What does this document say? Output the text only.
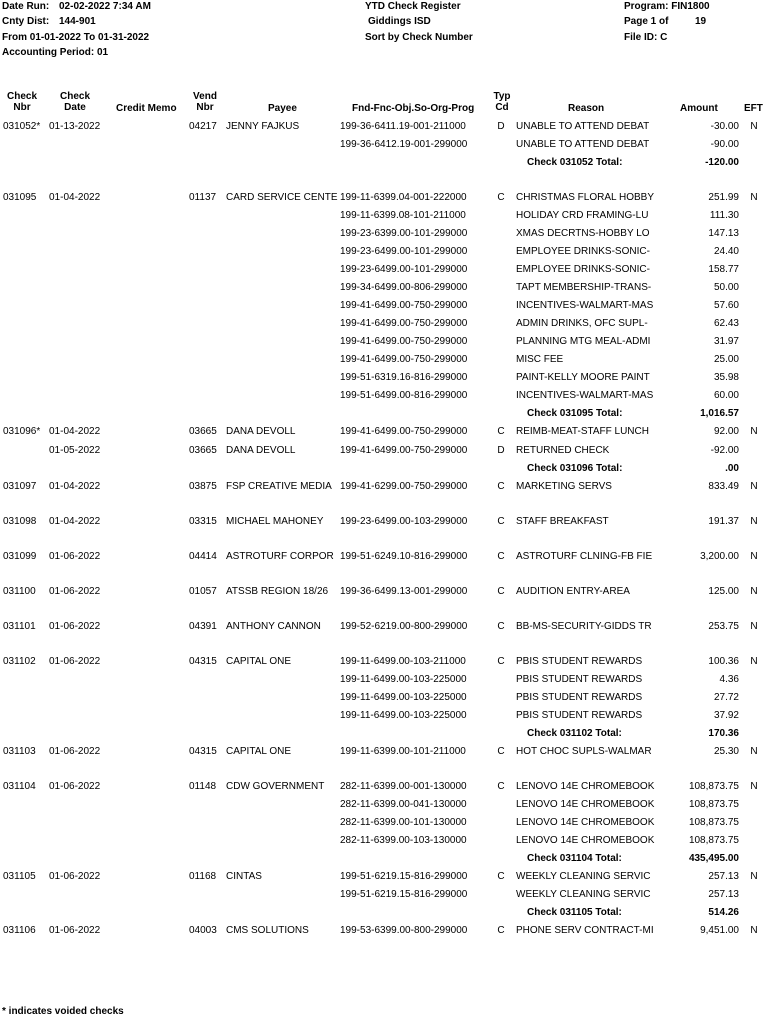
Date Run: 02-02-2022 7:34 AM
Cnty Dist: 144-901
From 01-01-2022 To 01-31-2022
Accounting Period: 01
YTD Check Register
Giddings ISD
Sort by Check Number
Program: FIN1800
Page 1 of	19
File ID: C
Check
Nbr
Check
Date	Credit Memo
Vend
Nbr	Payee	Fnd-Fnc-Obj.So-Org-Prog
Typ
Cd	Reason	Amount	EFT
031052* 01-13-2022	04217 JENNY FAJKUS	199-36-6411.19-001-211000	D	UNABLE TO ATTEND DEBAT	-30.00 N
199-36-6412.19-001-299000	UNABLE TO ATTEND DEBAT	-90.00
Check 031052 Total:	-120.00
031095	01-04-2022	01137 CARD SERVICE CENTE 199-11-6399.04-001-222000	C	CHRISTMAS FLORAL HOBBY	251.99 N
199-11-6399.08-101-211000	HOLIDAY CRD FRAMING-LU	111.30
199-23-6399.00-101-299000	XMAS DECRTNS-HOBBY LO	147.13
199-23-6499.00-101-299000	EMPLOYEE DRINKS-SONIC-	24.40
199-23-6499.00-101-299000	EMPLOYEE DRINKS-SONIC-	158.77
199-34-6499.00-806-299000	TAPT MEMBERSHIP-TRANS-	50.00
199-41-6499.00-750-299000	INCENTIVES-WALMART-MAS	57.60
199-41-6499.00-750-299000	ADMIN DRINKS, OFC SUPL-	62.43
199-41-6499.00-750-299000	PLANNING MTG MEAL-ADMI	31.97
199-41-6499.00-750-299000	MISC FEE	25.00
199-51-6319.16-816-299000	PAINT-KELLY MOORE PAINT	35.98
199-51-6499.00-816-299000	INCENTIVES-WALMART-MAS	60.00
Check 031095 Total:	1,016.57
031096* 01-04-2022	03665 DANA DEVOLL	199-41-6499.00-750-299000	C	REIMB-MEAT-STAFF LUNCH	92.00 N
01-05-2022	03665 DANA DEVOLL	199-41-6499.00-750-299000	D	RETURNED CHECK	-92.00
Check 031096 Total:	.00
031097	01-04-2022	03875 FSP CREATIVE MEDIA 199-41-6299.00-750-299000	C	MARKETING SERVS	833.49 N
031098	01-04-2022	03315 MICHAEL MAHONEY	199-23-6499.00-103-299000	C	STAFF BREAKFAST	191.37 N
031099	01-06-2022	04414 ASTROTURF CORPOR 199-51-6249.10-816-299000	C	ASTROTURF CLNING-FB FIE	3,200.00 N
031100	01-06-2022	01057 ATSSB REGION 18/26	199-36-6499.13-001-299000	C	AUDITION ENTRY-AREA	125.00 N
031101	01-06-2022	04391 ANTHONY CANNON	199-52-6219.00-800-299000	C	BB-MS-SECURITY-GIDDS TR	253.75 N
031102	01-06-2022	04315 CAPITAL ONE	199-11-6499.00-103-211000	C	PBIS STUDENT REWARDS	100.36 N
199-11-6499.00-103-225000	PBIS STUDENT REWARDS	4.36
199-11-6499.00-103-225000	PBIS STUDENT REWARDS	27.72
199-11-6499.00-103-225000	PBIS STUDENT REWARDS	37.92
Check 031102 Total:	170.36
031103	01-06-2022	04315 CAPITAL ONE	199-11-6399.00-101-211000	C	HOT CHOC SUPLS-WALMAR	25.30 N
031104	01-06-2022	01148 CDW GOVERNMENT	282-11-6399.00-001-130000	C	LENOVO 14E CHROMEBOOK	108,873.75 N
282-11-6399.00-041-130000	LENOVO 14E CHROMEBOOK	108,873.75
282-11-6399.00-101-130000	LENOVO 14E CHROMEBOOK	108,873.75
282-11-6399.00-103-130000	LENOVO 14E CHROMEBOOK	108,873.75
Check 031104 Total:	435,495.00
031105	01-06-2022	01168 CINTAS	199-51-6219.15-816-299000	C	WEEKLY CLEANING SERVIC	257.13 N
199-51-6219.15-816-299000	WEEKLY CLEANING SERVIC	257.13
Check 031105 Total:	514.26
031106	01-06-2022	04003 CMS SOLUTIONS	199-53-6399.00-800-299000	C	PHONE SERV CONTRACT-MI	9,451.00 N
* indicates voided checks
